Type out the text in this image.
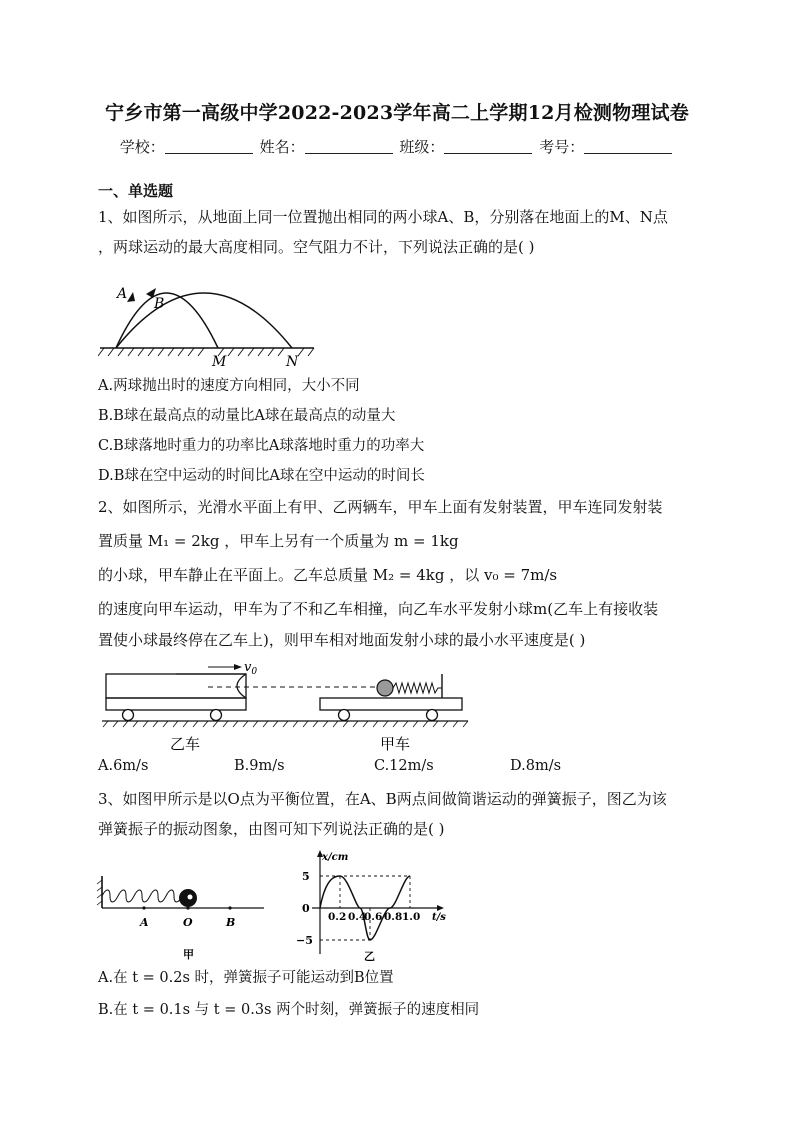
宁乡市第一高级中学2022-2023学年高二上学期12月检测物理试卷
学校：	姓名：	班级：	考号：
一、单选题
1、如图所示，从地面上同一位置抛出相同的两小球A、B，分别落在地面上的M、N点
，两球运动的最大高度相同。空气阻力不计，下列说法正确的是( )
A
B
M	N
A.两球抛出时的速度方向相同，大小不同
B.B球在最高点的动量比A球在最高点的动量大
C.B球落地时重力的功率比A球落地时重力的功率大
D.B球在空中运动的时间比A球在空中运动的时间长
2、如图所示，光滑水平面上有甲、乙两辆车，甲车上面有发射装置，甲车连同发射装
置质量 M₁ = 2kg ，甲车上另有一个质量为 m = 1kg
的小球，甲车静止在平面上。乙车总质量 M₂ = 4kg ，以 v₀ = 7m/s
的速度向甲车运动，甲车为了不和乙车相撞，向乙车水平发射小球m(乙车上有接收装
置使小球最终停在乙车上)，则甲车相对地面发射小球的最小水平速度是( )
$v_0$
乙车	甲车
A.6m/s	B.9m/s	C.12m/s	D.8m/s
3、如图甲所示是以O点为平衡位置，在A、B两点间做简谐运动的弹簧振子，图乙为该
弹簧振子的振动图象，由图可知下列说法正确的是( )
A	O	B
甲
x/cm
t/s
5
0
−5
0.2 0.4
0.6 0.8 1.0
乙
A.在 t = 0.2s 时，弹簧振子可能运动到B位置
B.在 t = 0.1s 与 t = 0.3s 两个时刻，弹簧振子的速度相同
